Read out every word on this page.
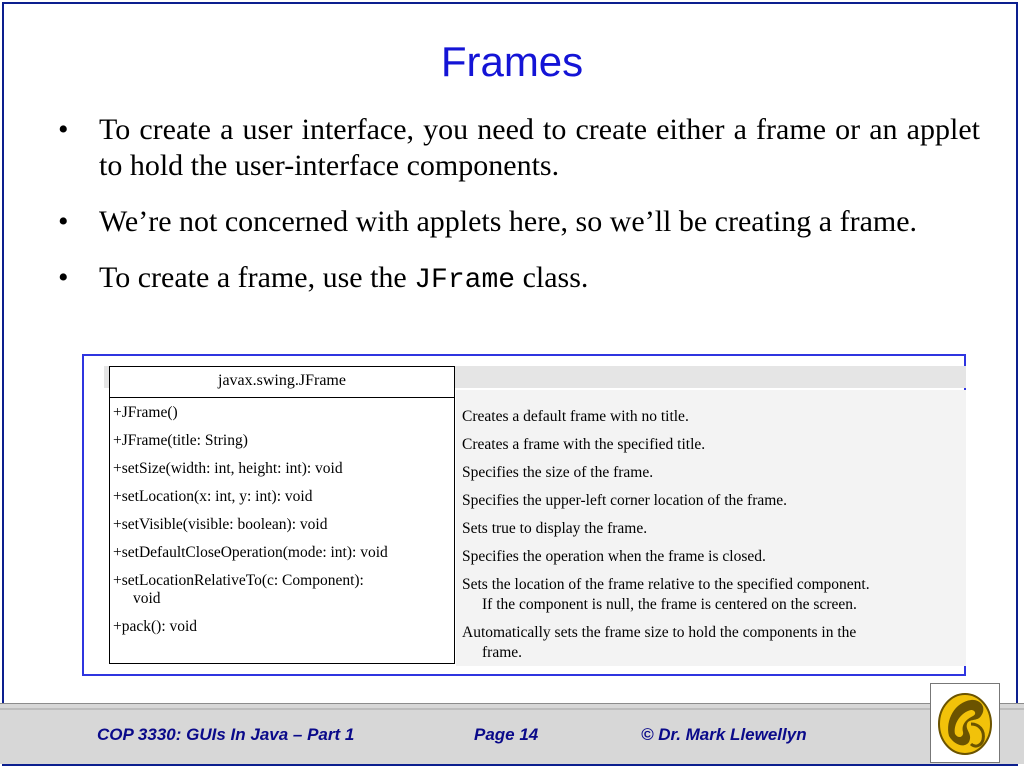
Frames
• To create a user interface, you need to create either a frame or an applet to hold the user-interface components.
• We’re not concerned with applets here, so we’ll be creating a frame.
• To create a frame, use the JFrame class.
javax.swing.JFrame
+JFrame()
+JFrame(title: String)
+setSize(width: int, height: int): void
+setLocation(x: int, y: int): void
+setVisible(visible: boolean): void
+setDefaultCloseOperation(mode: int): void
+setLocationRelativeTo(c: Component):
void
+pack(): void
Creates a default frame with no title.
Creates a frame with the specified title.
Specifies the size of the frame.
Specifies the upper-left corner location of the frame.
Sets true to display the frame.
Specifies the operation when the frame is closed.
Sets the location of the frame relative to the specified component.
If the component is null, the frame is centered on the screen.
Automatically sets the frame size to hold the components in the
frame.
COP 3330: GUIs In Java – Part 1	Page 14	© Dr. Mark Llewellyn
